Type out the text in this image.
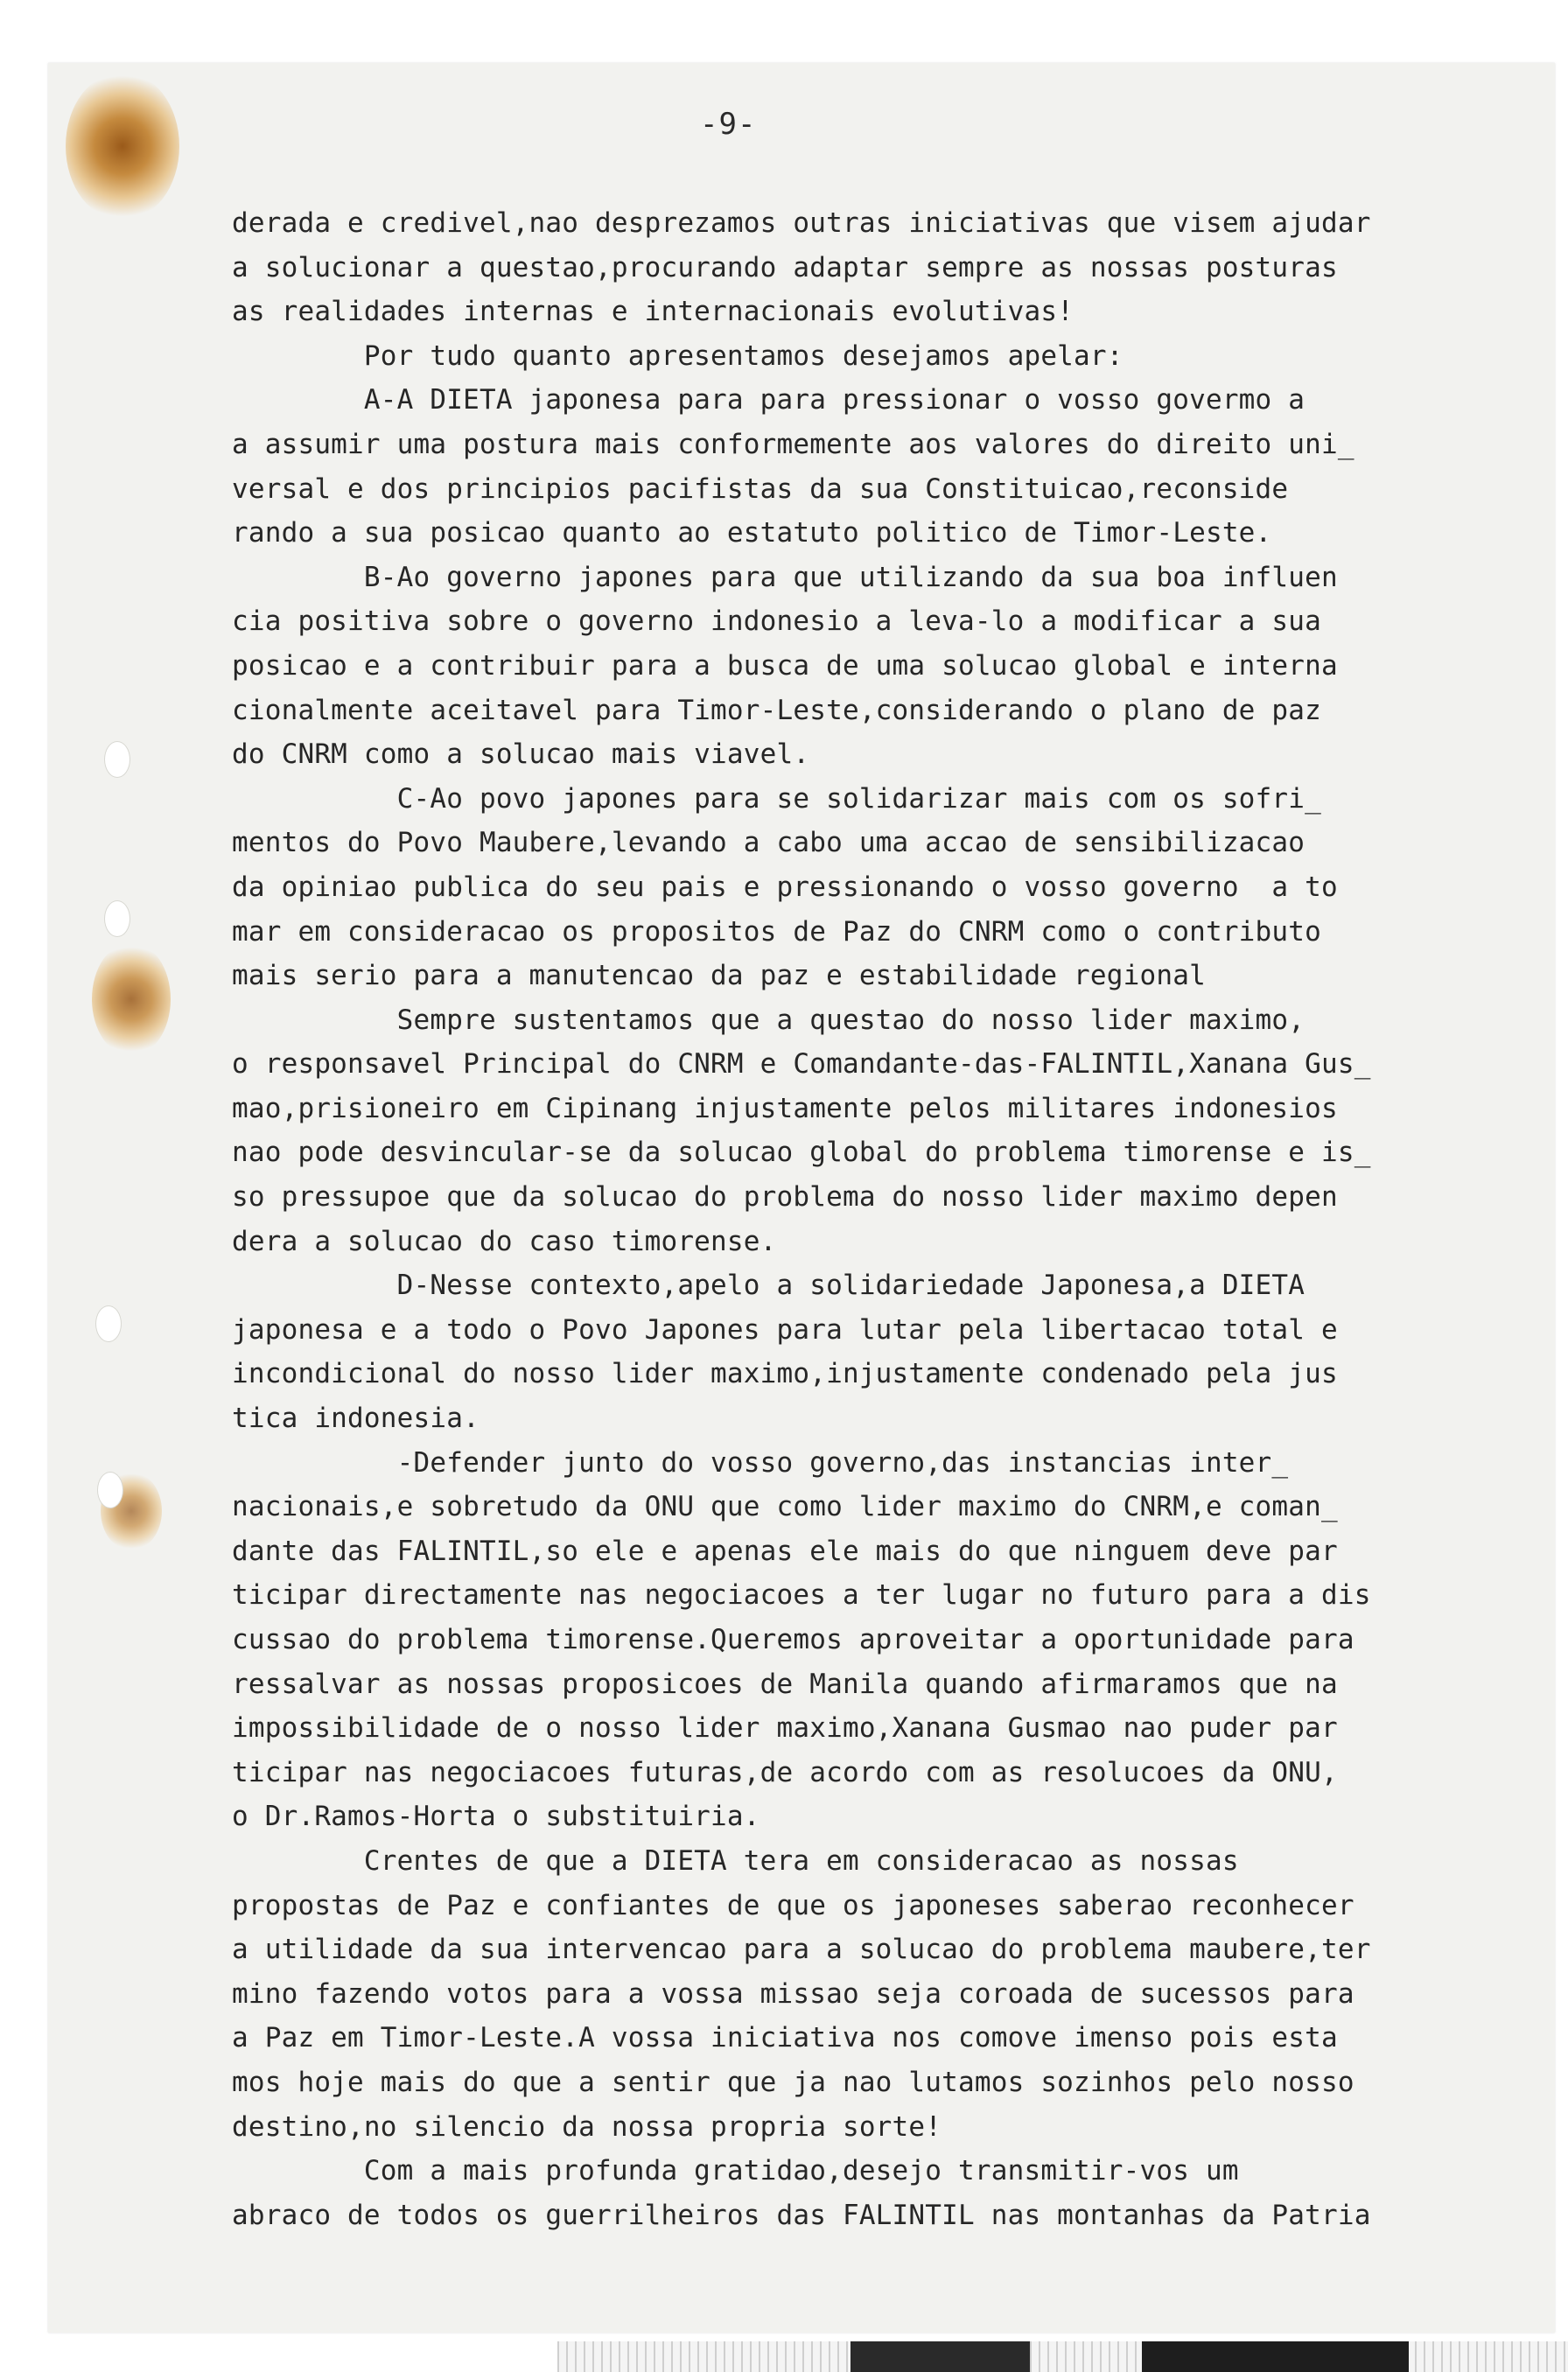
-9-
derada e credivel,nao desprezamos outras iniciativas que visem ajudar
a solucionar a questao,procurando adaptar sempre as nossas posturas
as realidades internas e internacionais evolutivas!
Por tudo quanto apresentamos desejamos apelar:
A-A DIETA japonesa para para pressionar o vosso govermo a
a assumir uma postura mais conformemente aos valores do direito uni_
versal e dos principios pacifistas da sua Constituicao,reconside
rando a sua posicao quanto ao estatuto politico de Timor-Leste.
B-Ao governo japones para que utilizando da sua boa influen
cia positiva sobre o governo indonesio a leva-lo a modificar a sua
posicao e a contribuir para a busca de uma solucao global e interna
cionalmente aceitavel para Timor-Leste,considerando o plano de paz
do CNRM como a solucao mais viavel.
C-Ao povo japones para se solidarizar mais com os sofri_
mentos do Povo Maubere,levando a cabo uma accao de sensibilizacao
da opiniao publica do seu pais e pressionando o vosso governo  a to
mar em consideracao os propositos de Paz do CNRM como o contributo
mais serio para a manutencao da paz e estabilidade regional
Sempre sustentamos que a questao do nosso lider maximo,
o responsavel Principal do CNRM e Comandante-das-FALINTIL,Xanana Gus_
mao,prisioneiro em Cipinang injustamente pelos militares indonesios
nao pode desvincular-se da solucao global do problema timorense e is_
so pressupoe que da solucao do problema do nosso lider maximo depen
dera a solucao do caso timorense.
D-Nesse contexto,apelo a solidariedade Japonesa,a DIETA
japonesa e a todo o Povo Japones para lutar pela libertacao total e
incondicional do nosso lider maximo,injustamente condenado pela jus
tica indonesia.
-Defender junto do vosso governo,das instancias inter_
nacionais,e sobretudo da ONU que como lider maximo do CNRM,e coman_
dante das FALINTIL,so ele e apenas ele mais do que ninguem deve par
ticipar directamente nas negociacoes a ter lugar no futuro para a dis
cussao do problema timorense.Queremos aproveitar a oportunidade para
ressalvar as nossas proposicoes de Manila quando afirmaramos que na
impossibilidade de o nosso lider maximo,Xanana Gusmao nao puder par
ticipar nas negociacoes futuras,de acordo com as resolucoes da ONU,
o Dr.Ramos-Horta o substituiria.
Crentes de que a DIETA tera em consideracao as nossas
propostas de Paz e confiantes de que os japoneses saberao reconhecer
a utilidade da sua intervencao para a solucao do problema maubere,ter
mino fazendo votos para a vossa missao seja coroada de sucessos para
a Paz em Timor-Leste.A vossa iniciativa nos comove imenso pois esta
mos hoje mais do que a sentir que ja nao lutamos sozinhos pelo nosso
destino,no silencio da nossa propria sorte!
Com a mais profunda gratidao,desejo transmitir-vos um
abraco de todos os guerrilheiros das FALINTIL nas montanhas da Patria
